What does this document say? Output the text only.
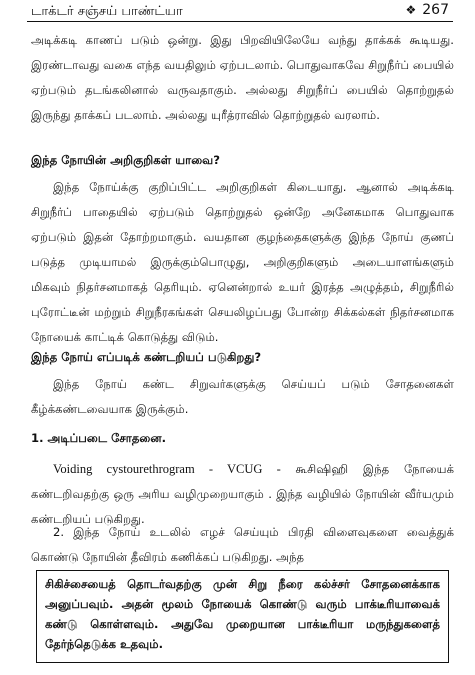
டாக்டர் சஞ்சய் பாண்ட்யா	❖ 267
அடிக்கடி காணப் படும் ஒன்று. இது பிறவியிலேயே வந்து தாக்கக் கூடியது. இரண்டாவது வகை எந்த வயதிலும் ஏற்படலாம். பொதுவாகவே சிறுநீர்ப் பையில் ஏற்படும் தடங்கலினால் வருவதாகும். அல்லது சிறுநீர்ப் பையில் தொற்றுதல் இருந்து தாக்கப் படலாம். அல்லது யுரீத்ராவில் தொற்றுதல் வரலாம்.
இந்த நோயின் அறிகுறிகள் யாவை?
இந்த நோய்க்கு குறிப்பிட்ட அறிகுறிகள் கிடையாது. ஆனால் அடிக்கடி சிறுநீர்ப் பாதையில் ஏற்படும் தொற்றுதல் ஒன்றே அனேகமாக பொதுவாக ஏற்படும் இதன் தோற்றமாகும். வயதான குழந்தைகளுக்கு இந்த நோய் குணப் படுத்த முடியாமல் இருக்கும்பொழுது, அறிகுறிகளும் அடையாளங்களும் மிகவும் நிதர்சனமாகத் தெரியும். ஏனென்றால் உயர் இரத்த அழுத்தம், சிறுநீரில் புரோட்டீன் மற்றும் சிறுநீரகங்கள் செயலிழப்பது போன்ற சிக்கல்கள் நிதர்சனமாக நோயைக் காட்டிக் கொடுத்து விடும்.
இந்த நோய் எப்படிக் கண்டறியப் படுகிறது?
இந்த நோய் கண்ட சிறுவர்களுக்கு செய்யப் படும் சோதனைகள் கீழ்க்கண்டவையாக இருக்கும்.
1. அடிப்படை சோதனை.
Voiding cystourethrogram - VCUG - கூசிஷிஹி இந்த நோயைக் கண்டறிவதற்கு ஒரு அரிய வழிமுறையாகும் . இந்த வழியில் நோயின் வீர்யமும் கண்டறியப் படுகிறது.
2. இந்த நோய் உடலில் எழச் செய்யும் பிரதி விளைவுகளை வைத்துக் கொண்டு நோயின் தீவிரம் கணிக்கப் படுகிறது. அந்த
சிகிச்சையைத் தொடர்வதற்கு முன் சிறு நீரை கல்ச்சர் சோதனைக்காக அனுப்பவும். அதன் மூலம் நோயைக் கொண்டு வரும் பாக்டீரியாவைக் கண்டு கொள்ளவும். அதுவே முறையான பாக்டீரியா மருந்துகளைத் தேர்ந்தெடுக்க உதவும்.
